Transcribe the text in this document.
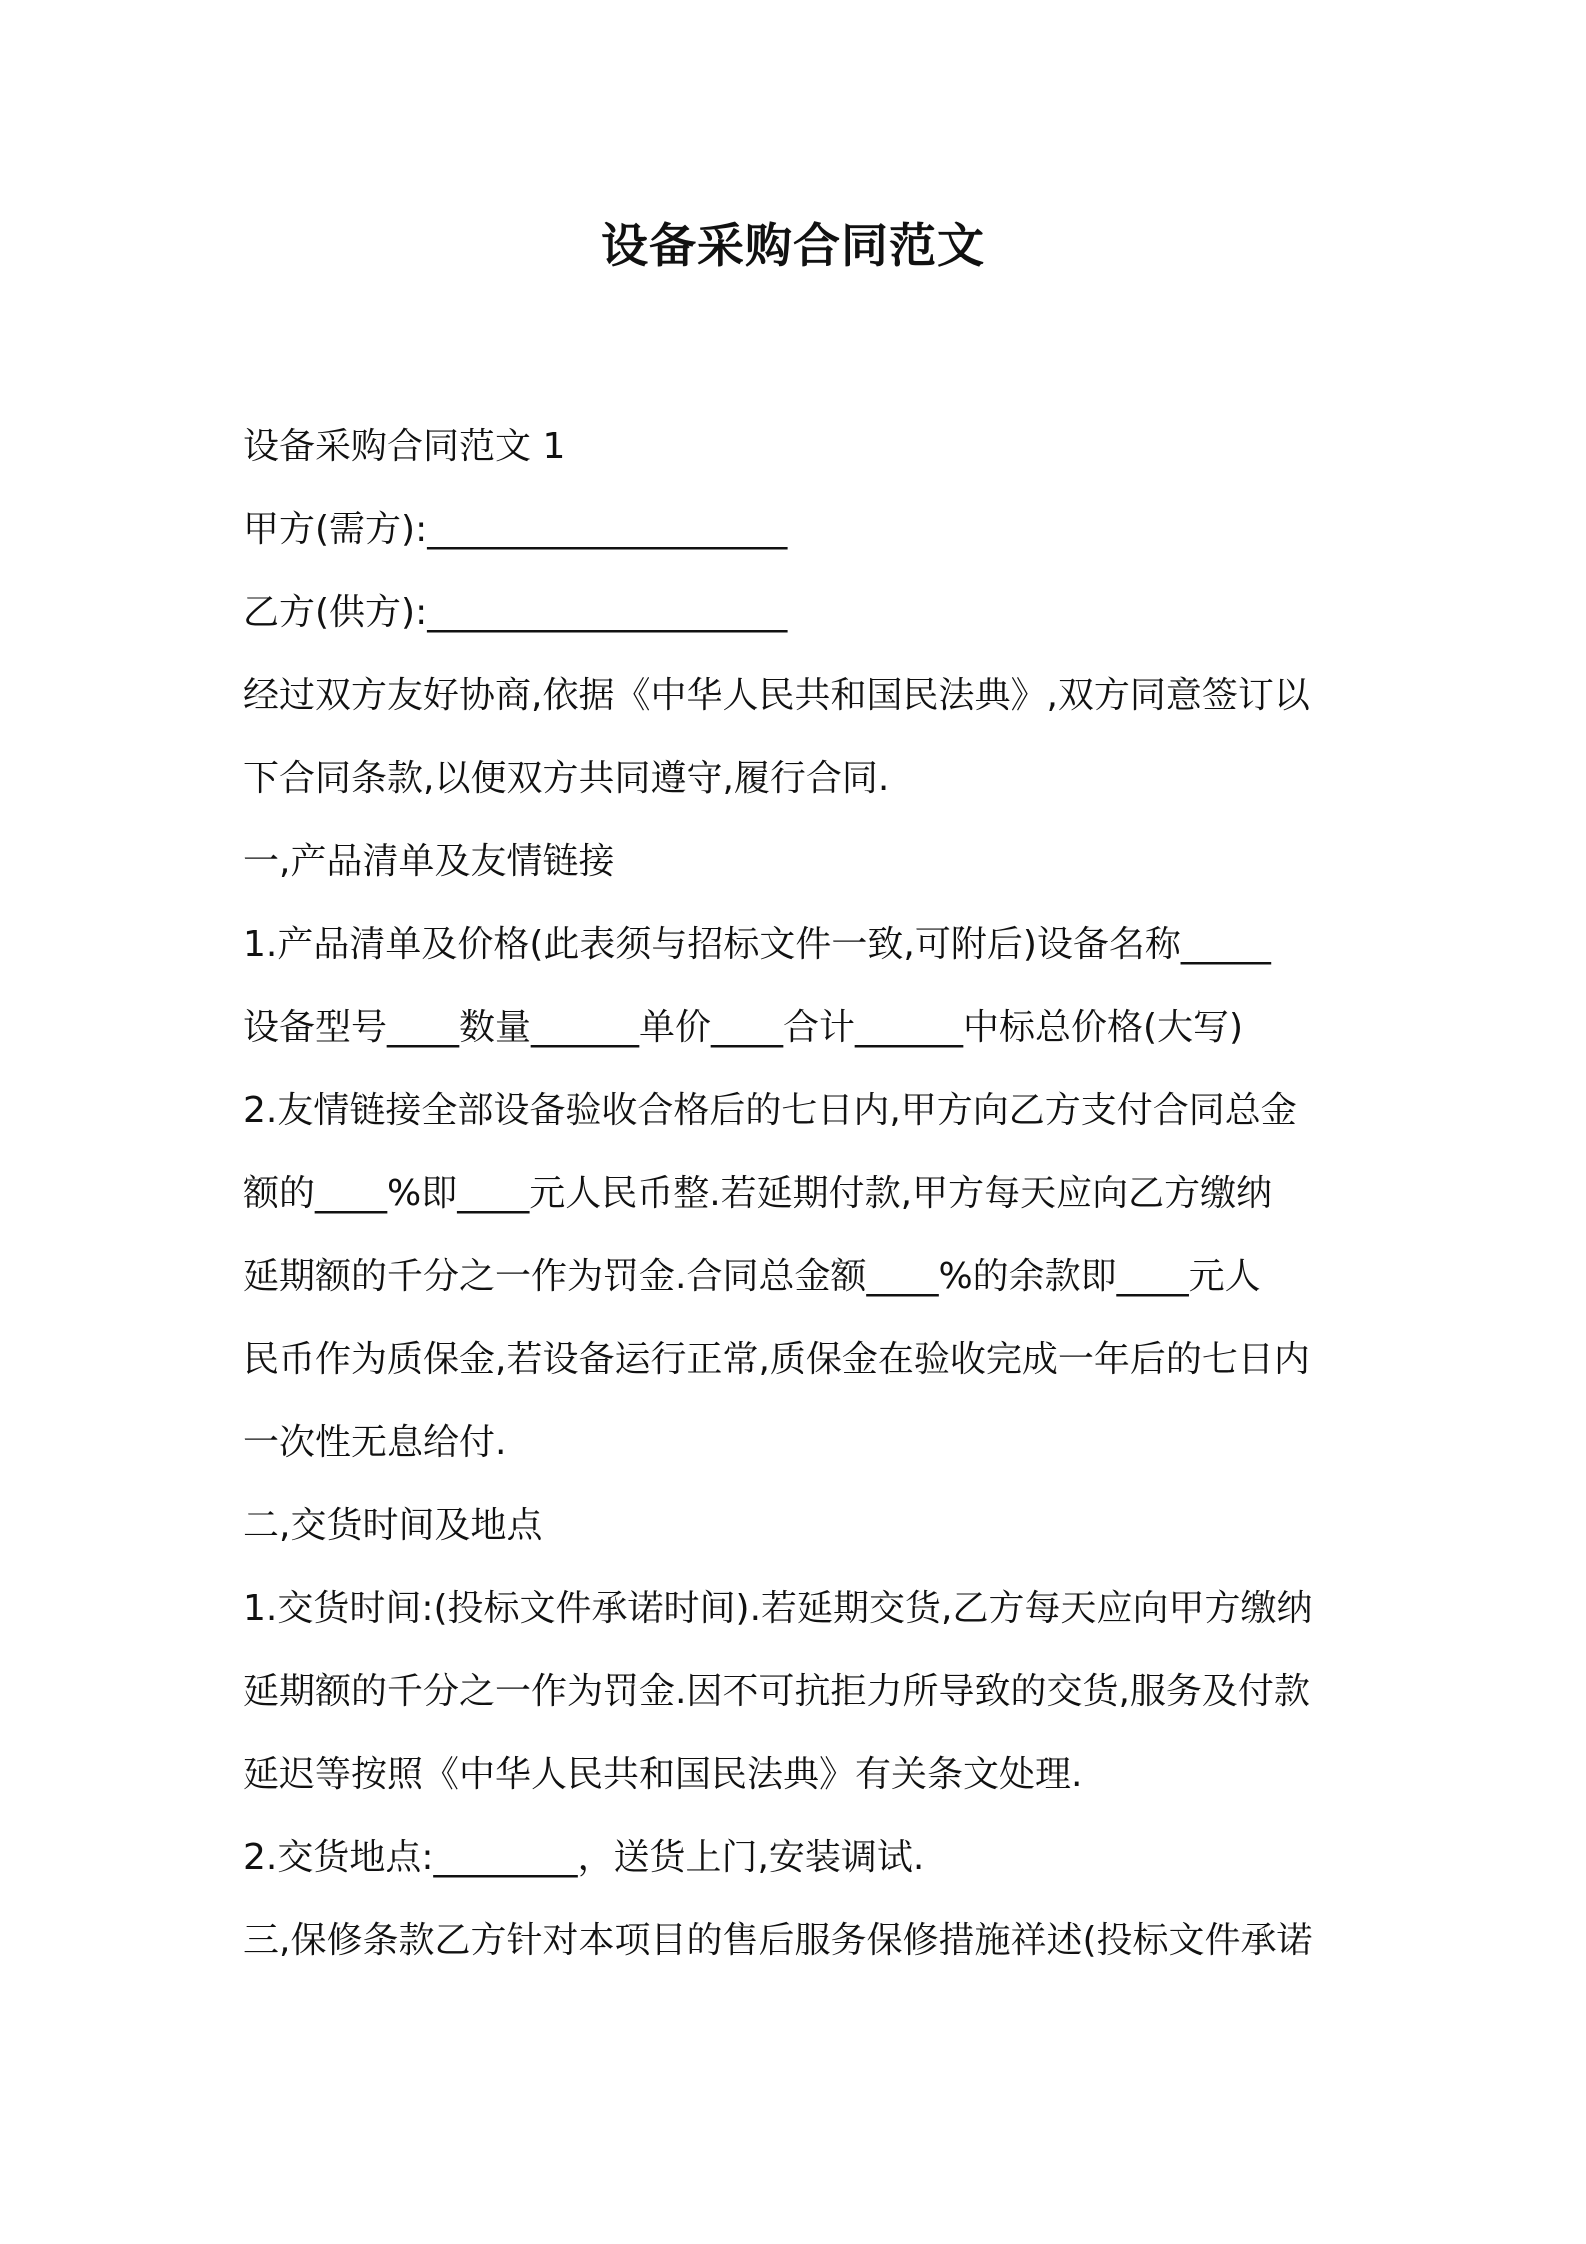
设备采购合同范文

设备采购合同范文 1

甲方(需方):____________________

乙方(供方):____________________

经过双方友好协商,依据《中华人民共和国民法典》,双方同意签订以

下合同条款,以便双方共同遵守,履行合同.

一,产品清单及友情链接

1.产品清单及价格(此表须与招标文件一致,可附后)设备名称_____

设备型号____数量______单价____合计______中标总价格(大写)

2.友情链接全部设备验收合格后的七日内,甲方向乙方支付合同总金

额的____%即____元人民币整.若延期付款,甲方每天应向乙方缴纳

延期额的千分之一作为罚金.合同总金额____%的余款即____元人

民币作为质保金,若设备运行正常,质保金在验收完成一年后的七日内

一次性无息给付.

二,交货时间及地点

1.交货时间:(投标文件承诺时间).若延期交货,乙方每天应向甲方缴纳

延期额的千分之一作为罚金.因不可抗拒力所导致的交货,服务及付款

延迟等按照《中华人民共和国民法典》有关条文处理.

2.交货地点:________，送货上门,安装调试.

三,保修条款乙方针对本项目的售后服务保修措施祥述(投标文件承诺
